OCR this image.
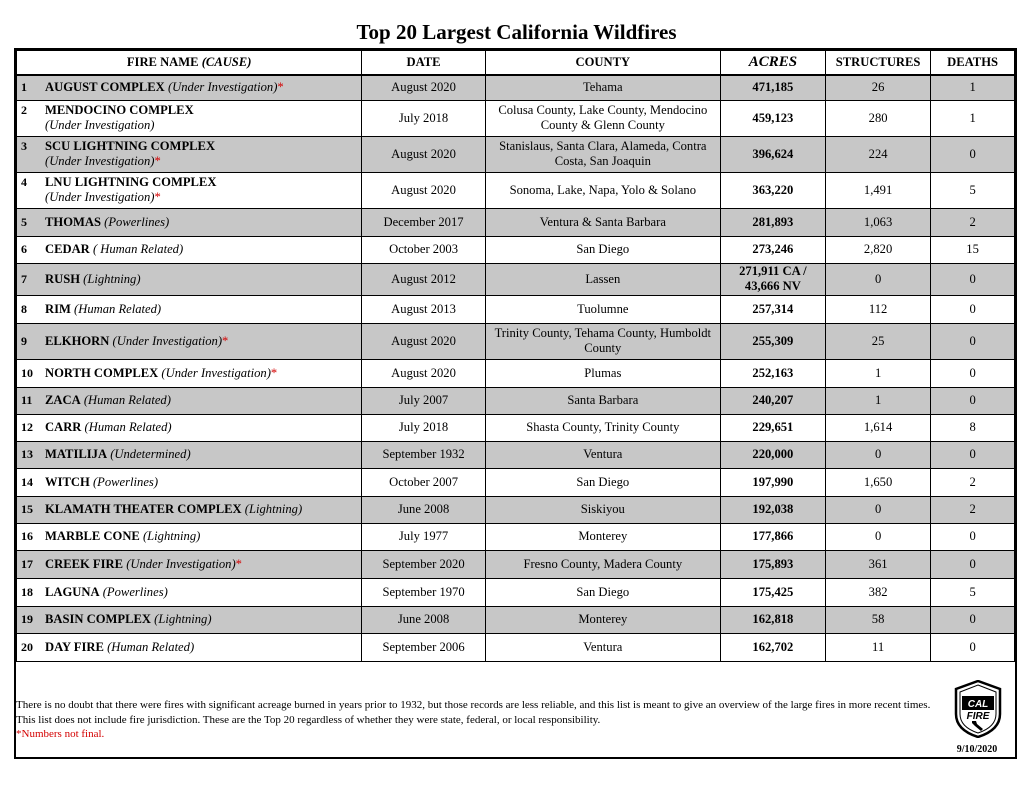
Top 20 Largest California Wildfires
FIRE NAME (CAUSE)	DATE	COUNTY	ACRES	STRUCTURES	DEATHS
1 AUGUST COMPLEX (Under Investigation)*	August 2020	Tehama	471,185	26	1
2 MENDOCINO COMPLEX
(Under Investigation)	July 2018	Colusa County, Lake County, Mendocino County & Glenn County	459,123	280	1
3 SCU LIGHTNING COMPLEX
(Under Investigation)*	August 2020	Stanislaus, Santa Clara, Alameda, Contra Costa, San Joaquin	396,624	224	0
4 LNU LIGHTNING COMPLEX
(Under Investigation)*	August 2020	Sonoma, Lake, Napa, Yolo & Solano	363,220	1,491	5
5 THOMAS (Powerlines)	December 2017	Ventura & Santa Barbara	281,893	1,063	2
6 CEDAR ( Human Related)	October 2003	San Diego	273,246	2,820	15
7 RUSH (Lightning)	August 2012	Lassen	271,911 CA / 43,666 NV	0	0
8 RIM (Human Related)	August 2013	Tuolumne	257,314	112	0
9 ELKHORN (Under Investigation)*	August 2020	Trinity County, Tehama County, Humboldt County	255,309	25	0
10 NORTH COMPLEX (Under Investigation)*	August 2020	Plumas	252,163	1	0
11 ZACA (Human Related)	July 2007	Santa Barbara	240,207	1	0
12 CARR (Human Related)	July 2018	Shasta County, Trinity County	229,651	1,614	8
13 MATILIJA (Undetermined)	September 1932	Ventura	220,000	0	0
14 WITCH (Powerlines)	October 2007	San Diego	197,990	1,650	2
15 KLAMATH THEATER COMPLEX (Lightning)	June 2008	Siskiyou	192,038	0	2
16 MARBLE CONE (Lightning)	July 1977	Monterey	177,866	0	0
17 CREEK FIRE (Under Investigation)*	September 2020	Fresno County, Madera County	175,893	361	0
18 LAGUNA (Powerlines)	September 1970	San Diego	175,425	382	5
19 BASIN COMPLEX (Lightning)	June 2008	Monterey	162,818	58	0
20 DAY FIRE (Human Related)	September 2006	Ventura	162,702	11	0

There is no doubt that there were fires with significant acreage burned in years prior to 1932, but those records are less reliable, and this list is meant to give an overview of the large fires in more recent times.

This list does not include fire jurisdiction. These are the Top 20 regardless of whether they were state, federal, or local responsibility.

*Numbers not final.

CAL
FIRE
9/10/2020
